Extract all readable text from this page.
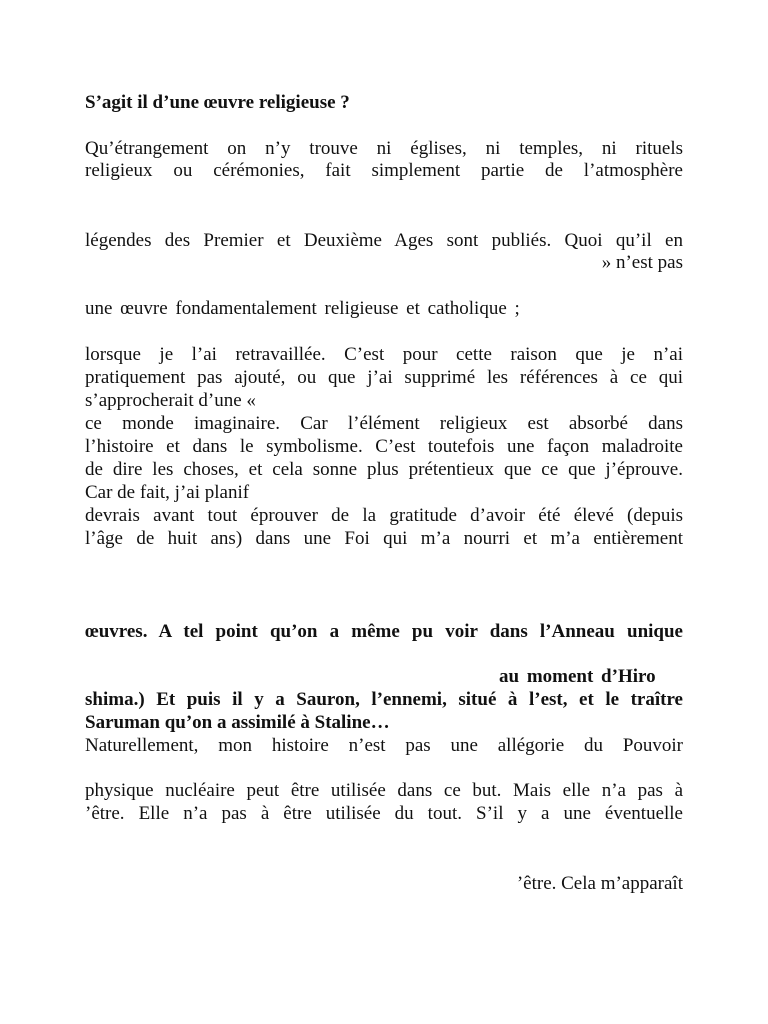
S’agit il d’une œuvre religieuse ?

Qu’étrangement on n’y trouve ni églises, ni temples, ni rituels

religieux ou cérémonies, fait simplement partie de l’atmosphère

légendes des Premier et Deuxième Ages sont publiés. Quoi qu’il en

» n’est pas

une œuvre fondamentalement religieuse et catholique ;

lorsque je l’ai retravaillée. C’est pour cette raison que je n’ai

pratiquement pas ajouté, ou que j’ai supprimé les références à ce qui

s’approcherait d’une «

ce monde imaginaire. Car l’élément religieux est absorbé dans

l’histoire et dans le symbolisme. C’est toutefois une façon maladroite

de dire les choses, et cela sonne plus prétentieux que ce que j’éprouve.

Car de fait, j’ai planif

devrais avant tout éprouver de la gratitude d’avoir été élevé (depuis

l’âge de huit ans) dans une Foi qui m’a nourri et m’a entièrement

œuvres. A tel point qu’on a même pu voir dans l’Anneau unique

au moment d’Hiro

shima.) Et puis il y a Sauron, l’ennemi, situé à l’est, et le traître

Saruman qu’on a assimilé à Staline…

Naturellement, mon histoire n’est pas une allégorie du Pouvoir

physique nucléaire peut être utilisée dans ce but. Mais elle n’a pas à

’être. Elle n’a pas à être utilisée du tout. S’il y a une éventuelle

’être. Cela m’apparaît
